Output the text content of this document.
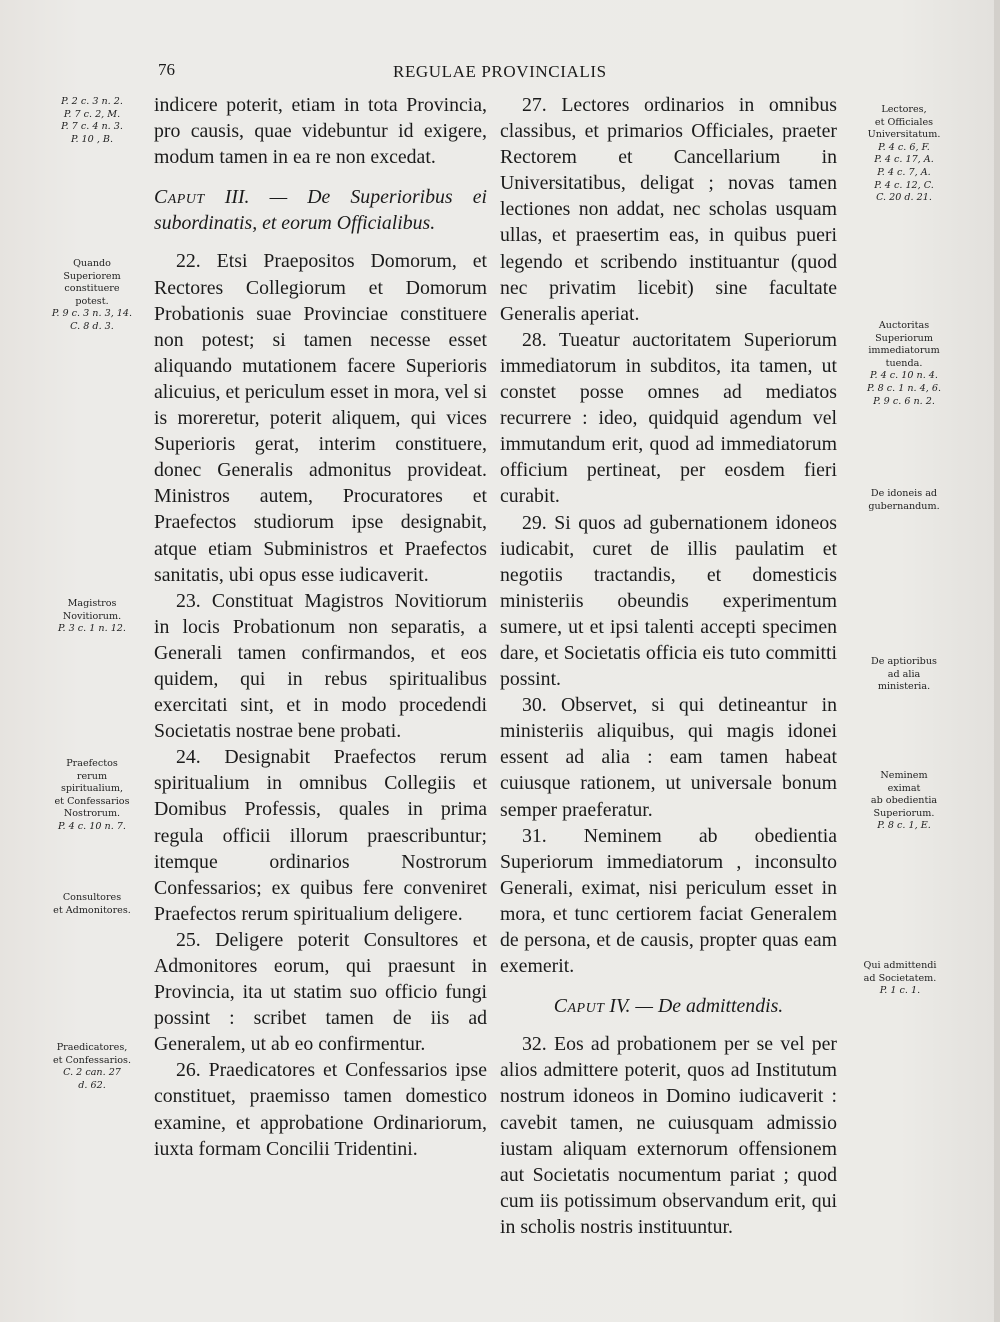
76	REGULAE PROVINCIALIS

indicere poterit, etiam in tota Provincia, pro causis, quae videbuntur id exigere, modum tamen in ea re non excedat.

Caput III. — De Superioribus ei subordinatis, et eorum Officialibus.

22. Etsi Praepositos Domorum, et Rectores Collegiorum et Domorum Probationis suae Provinciae constituere non potest; si tamen necesse esset aliquando mutationem facere Superioris alicuius, et periculum esset in mora, vel si is moreretur, poterit aliquem, qui vices Superioris gerat, interim constituere, donec Generalis admonitus provideat. Ministros autem, Procuratores et Praefectos studiorum ipse designabit, atque etiam Subministros et Praefectos sanitatis, ubi opus esse iudicaverit.

23. Constituat Magistros Novitiorum in locis Probationum non separatis, a Generali tamen confirmandos, et eos quidem, qui in rebus spiritualibus exercitati sint, et in modo procedendi Societatis nostrae bene probati.

24. Designabit Praefectos rerum spiritualium in omnibus Collegiis et Domibus Professis, quales in prima regula officii illorum praescribuntur; itemque ordinarios Nostrorum Confessarios; ex quibus fere conveniret Praefectos rerum spiritualium deligere.

25. Deligere poterit Consultores et Admonitores eorum, qui praesunt in Provincia, ita ut statim suo officio fungi possint : scribet tamen de iis ad Generalem, ut ab eo confirmentur.

26. Praedicatores et Confessarios ipse constituet, praemisso tamen domestico examine, et approbatione Ordinariorum, iuxta formam Concilii Tridentini.

27. Lectores ordinarios in omnibus classibus, et primarios Officiales, praeter Rectorem et Cancellarium in Universitatibus, deligat ; novas tamen lectiones non addat, nec scholas usquam ullas, et praesertim eas, in quibus pueri legendo et scribendo instituantur (quod nec privatim licebit) sine facultate Generalis aperiat.

28. Tueatur auctoritatem Superiorum immediatorum in subditos, ita tamen, ut constet posse omnes ad mediatos recurrere : ideo, quidquid agendum vel immutandum erit, quod ad immediatorum officium pertineat, per eosdem fieri curabit.

29. Si quos ad gubernationem idoneos iudicabit, curet de illis paulatim et negotiis tractandis, et domesticis ministeriis obeundis experimentum sumere, ut et ipsi talenti accepti specimen dare, et Societatis officia eis tuto committi possint.

30. Observet, si qui detineantur in ministeriis aliquibus, qui magis idonei essent ad alia : eam tamen habeat cuiusque rationem, ut universale bonum semper praeferatur.

31. Neminem ab obedientia Superiorum immediatorum , inconsulto Generali, eximat, nisi periculum esset in mora, et tunc certiorem faciat Generalem de persona, et de causis, propter quas eam exemerit.

Caput IV. — De admittendis.

32. Eos ad probationem per se vel per alios admittere poterit, quos ad Institutum nostrum idoneos in Domino iudicaverit : cavebit tamen, ne cuiusquam admissio iustam aliquam externorum offensionem aut Societatis nocumentum pariat ; quod cum iis potissimum observandum erit, qui in scholis nostris instituuntur.

P. 2 c. 3 n. 2.
P. 7 c. 2, M.
P. 7 c. 4 n. 3.
P. 10 , B.
Quando
Superiorem
constituere
potest.
P. 9 c. 3 n. 3, 14.
C. 8 d. 3.
Magistros
Novitiorum.
P. 3 c. 1 n. 12.
Praefectos
rerum
spiritualium,
et Confessarios
Nostrorum.
P. 4 c. 10 n. 7.
Consultores
et Admonitores.
Praedicatores,
et Confessarios.
C. 2 can. 27
d. 62.
Lectores,
et Officiales
Universitatum.
P. 4 c. 6, F.
P. 4 c. 17, A.
P. 4 c. 7, A.
P. 4 c. 12, C.
C. 20 d. 21.
Auctoritas
Superiorum
immediatorum
tuenda.
P. 4 c. 10 n. 4.
P. 8 c. 1 n. 4, 6.
P. 9 c. 6 n. 2.
De idoneis ad
gubernandum.
De aptioribus
ad alia
ministeria.
Neminem
eximat
ab obedientia
Superiorum.
P. 8 c. 1, E.
Qui admittendi
ad Societatem.
P. 1 c. 1.
